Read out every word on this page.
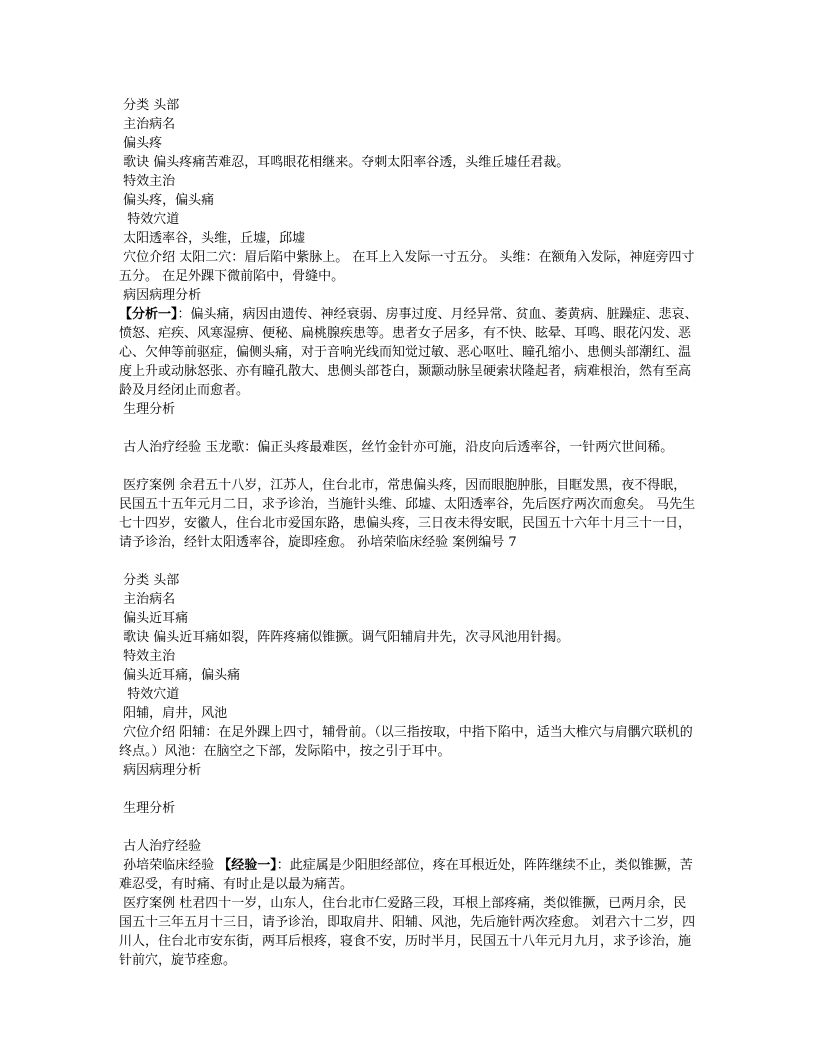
分类 头部
主治病名
偏头疼
歌诀 偏头疼痛苦难忍，耳鸣眼花相继来。夺刺太阳率谷透，头维丘墟任君裁。
特效主治
偏头疼，偏头痛
特效穴道
太阳透率谷，头维，丘墟，邱墟
穴位介绍 太阳二穴：眉后陷中紫脉上。 在耳上入发际一寸五分。 头维：在额角入发际，神庭旁四寸五分。 在足外踝下微前陷中，骨缝中。
病因病理分析
【分析一】：偏头痛，病因由遗传、神经衰弱、房事过度、月经异常、贫血、萎黄病、脏躁症、悲哀、愤怒、疟疾、风寒湿痹、便秘、扁桃腺疾患等。患者女子居多，有不快、眩晕、耳鸣、眼花闪发、恶心、欠伸等前驱症，偏侧头痛，对于音响光线而知觉过敏、恶心呕吐、瞳孔缩小、患侧头部潮红、温度上升或动脉怒张、亦有瞳孔散大、患侧头部苍白，颞颥动脉呈硬索状隆起者，病难根治，然有至高龄及月经闭止而愈者。
生理分析
古人治疗经验 玉龙歌：偏正头疼最难医，丝竹金针亦可施，沿皮向后透率谷，一针两穴世间稀。
医疗案例 余君五十八岁，江苏人，住台北市，常患偏头疼，因而眼胞肿胀，目眶发黑，夜不得眠，民国五十五年元月二日，求予诊治，当施针头维、邱墟、太阳透率谷，先后医疗两次而愈矣。 马先生七十四岁，安徽人，住台北市爱国东路，患偏头疼，三日夜未得安眠，民国五十六年十月三十一日，请予诊治，经针太阳透率谷，旋即痊愈。 孙培荣临床经验 案例编号 7
分类 头部
主治病名
偏头近耳痛
歌诀 偏头近耳痛如裂，阵阵疼痛似锥撅。调气阳辅肩井先，次寻风池用针揭。
特效主治
偏头近耳痛，偏头痛
特效穴道
阳辅，肩井，风池
穴位介绍 阳辅：在足外踝上四寸，辅骨前。（以三指按取，中指下陷中，适当大椎穴与肩髃穴联机的终点。）风池：在脑空之下部，发际陷中，按之引于耳中。
病因病理分析
生理分析
古人治疗经验
孙培荣临床经验 【经验一】：此症属是少阳胆经部位，疼在耳根近处，阵阵继续不止，类似锥撅，苦难忍受，有时痛、有时止是以最为痛苦。
医疗案例 杜君四十一岁，山东人，住台北市仁爱路三段，耳根上部疼痛，类似锥撅，已两月余，民国五十三年五月十三日，请予诊治，即取肩井、阳辅、风池，先后施针两次痊愈。 刘君六十二岁，四川人，住台北市安东街，两耳后根疼，寝食不安，历时半月，民国五十八年元月九月，求予诊治，施针前穴，旋节痊愈。
